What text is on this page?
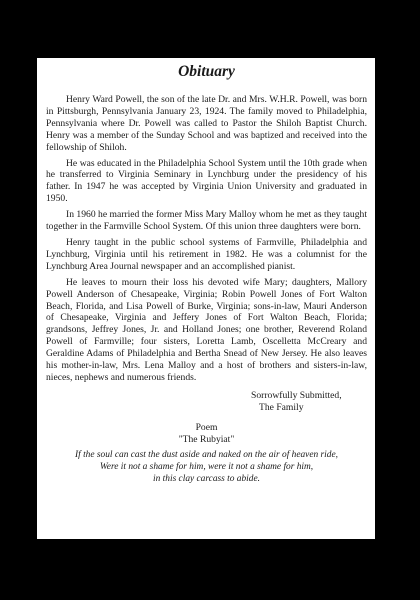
Obituary

Henry Ward Powell, the son of the late Dr. and Mrs. W.H.R. Powell, was born in Pittsburgh, Pennsylvania January 23, 1924. The family moved to Philadelphia, Pennsylvania where Dr. Powell was called to Pastor the Shiloh Baptist Church. Henry was a member of the Sunday School and was baptized and received into the fellowship of Shiloh.

He was educated in the Philadelphia School System until the 10th grade when he transferred to Virginia Seminary in Lynchburg under the presidency of his father. In 1947 he was accepted by Virginia Union University and graduated in 1950.

In 1960 he married the former Miss Mary Malloy whom he met as they taught together in the Farmville School System. Of this union three daughters were born.

Henry taught in the public school systems of Farmville, Philadelphia and Lynchburg, Virginia until his retirement in 1982. He was a columnist for the Lynchburg Area Journal newspaper and an accomplished pianist.

He leaves to mourn their loss his devoted wife Mary; daughters, Mallory Powell Anderson of Chesapeake, Virginia; Robin Powell Jones of Fort Walton Beach, Florida, and Lisa Powell of Burke, Virginia; sons-in-law, Mauri Anderson of Chesapeake, Virginia and Jeffery Jones of Fort Walton Beach, Florida; grandsons, Jeffrey Jones, Jr. and Holland Jones; one brother, Reverend Roland Powell of Farmville; four sisters, Loretta Lamb, Oscelletta McCreary and Geraldine Adams of Philadelphia and Bertha Snead of New Jersey. He also leaves his mother-in-law, Mrs. Lena Malloy and a host of brothers and sisters-in-law, nieces, nephews and numerous friends.

Sorrowfully Submitted,
The Family
Poem
"The Rubyiat"
If the soul can cast the dust aside and naked on the air of heaven ride,
Were it not a shame for him, were it not a shame for him,
in this clay carcass to abide.
